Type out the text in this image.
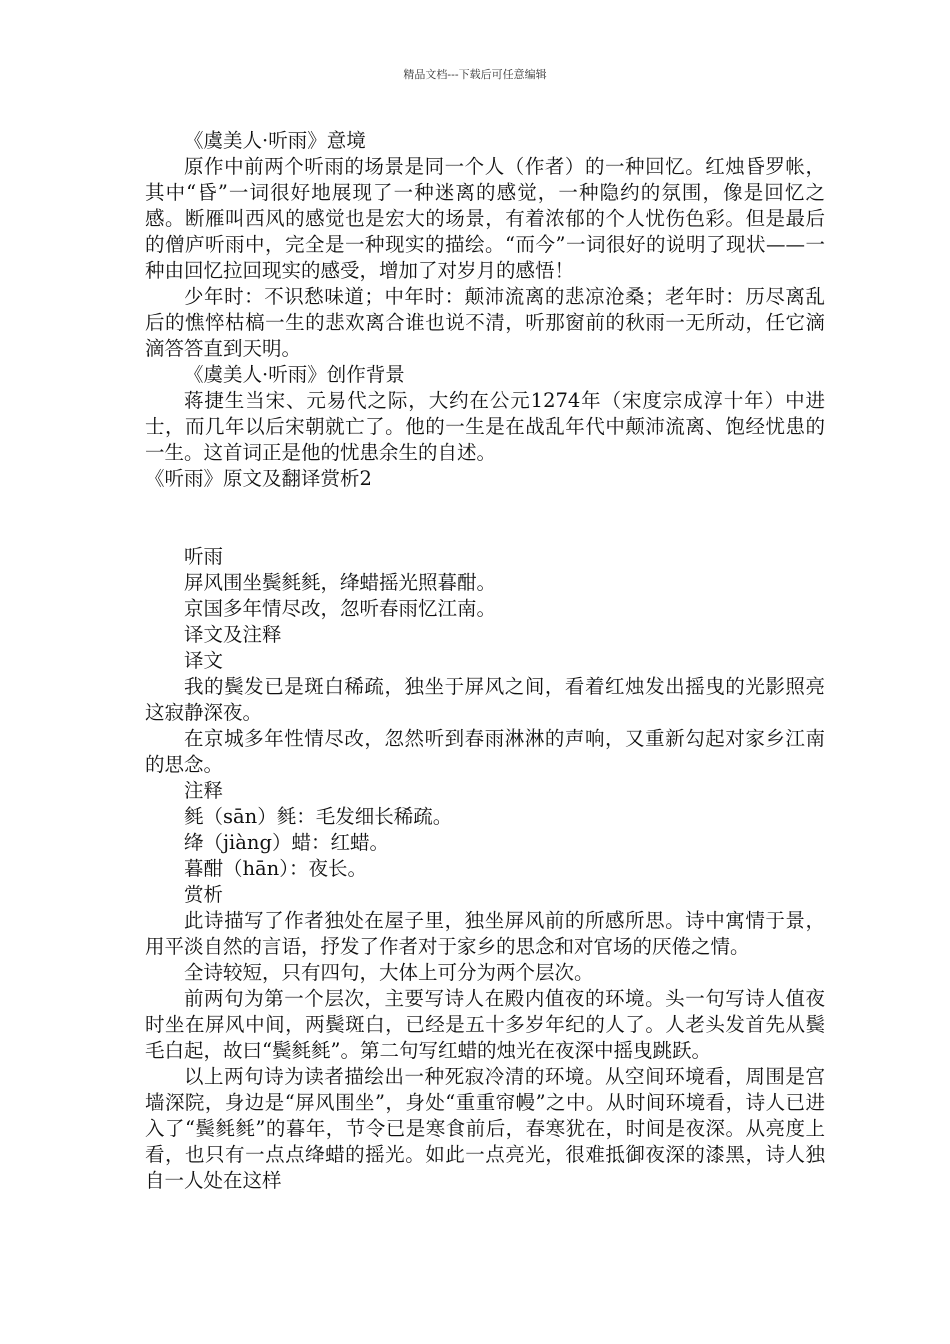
精品文档---下载后可任意编辑

《虞美人·听雨》意境

原作中前两个听雨的场景是同一个人（作者）的一种回忆。红烛昏罗帐，其中“昏”一词很好地展现了一种迷离的感觉，一种隐约的氛围，像是回忆之感。断雁叫西风的感觉也是宏大的场景，有着浓郁的个人忧伤色彩。但是最后的僧庐听雨中，完全是一种现实的描绘。“而今”一词很好的说明了现状——一种由回忆拉回现实的感受，增加了对岁月的感悟！

少年时：不识愁味道；中年时：颠沛流离的悲凉沧桑；老年时：历尽离乱后的憔悴枯槁一生的悲欢离合谁也说不清，听那窗前的秋雨一无所动，任它滴滴答答直到天明。

《虞美人·听雨》创作背景

蒋捷生当宋、元易代之际，大约在公元1274年（宋度宗成淳十年）中进士，而几年以后宋朝就亡了。他的一生是在战乱年代中颠沛流离、饱经忧患的一生。这首词正是他的忧患余生的自述。

《听雨》原文及翻译赏析2

听雨

屏风围坐鬓毵毵，绛蜡摇光照暮酣。

京国多年情尽改，忽听春雨忆江南。

译文及注释

译文

我的鬓发已是斑白稀疏，独坐于屏风之间，看着红烛发出摇曳的光影照亮这寂静深夜。

在京城多年性情尽改，忽然听到春雨淋淋的声响，又重新勾起对家乡江南的思念。

注释

毵（sān）毵：毛发细长稀疏。

绛（jiàng）蜡：红蜡。

暮酣（hān）：夜长。

赏析

此诗描写了作者独处在屋子里，独坐屏风前的所感所思。诗中寓情于景，用平淡自然的言语，抒发了作者对于家乡的思念和对官场的厌倦之情。

全诗较短，只有四句，大体上可分为两个层次。

前两句为第一个层次，主要写诗人在殿内值夜的环境。头一句写诗人值夜时坐在屏风中间，两鬓斑白，已经是五十多岁年纪的人了。人老头发首先从鬓毛白起，故曰“鬓毵毵”。第二句写红蜡的烛光在夜深中摇曳跳跃。

以上两句诗为读者描绘出一种死寂冷清的环境。从空间环境看，周围是宫墙深院，身边是“屏风围坐”，身处“重重帘幔”之中。从时间环境看，诗人已进入了“鬓毵毵”的暮年，节令已是寒食前后，春寒犹在，时间是夜深。从亮度上看，也只有一点点绛蜡的摇光。如此一点亮光，很难抵御夜深的漆黑，诗人独自一人处在这样
